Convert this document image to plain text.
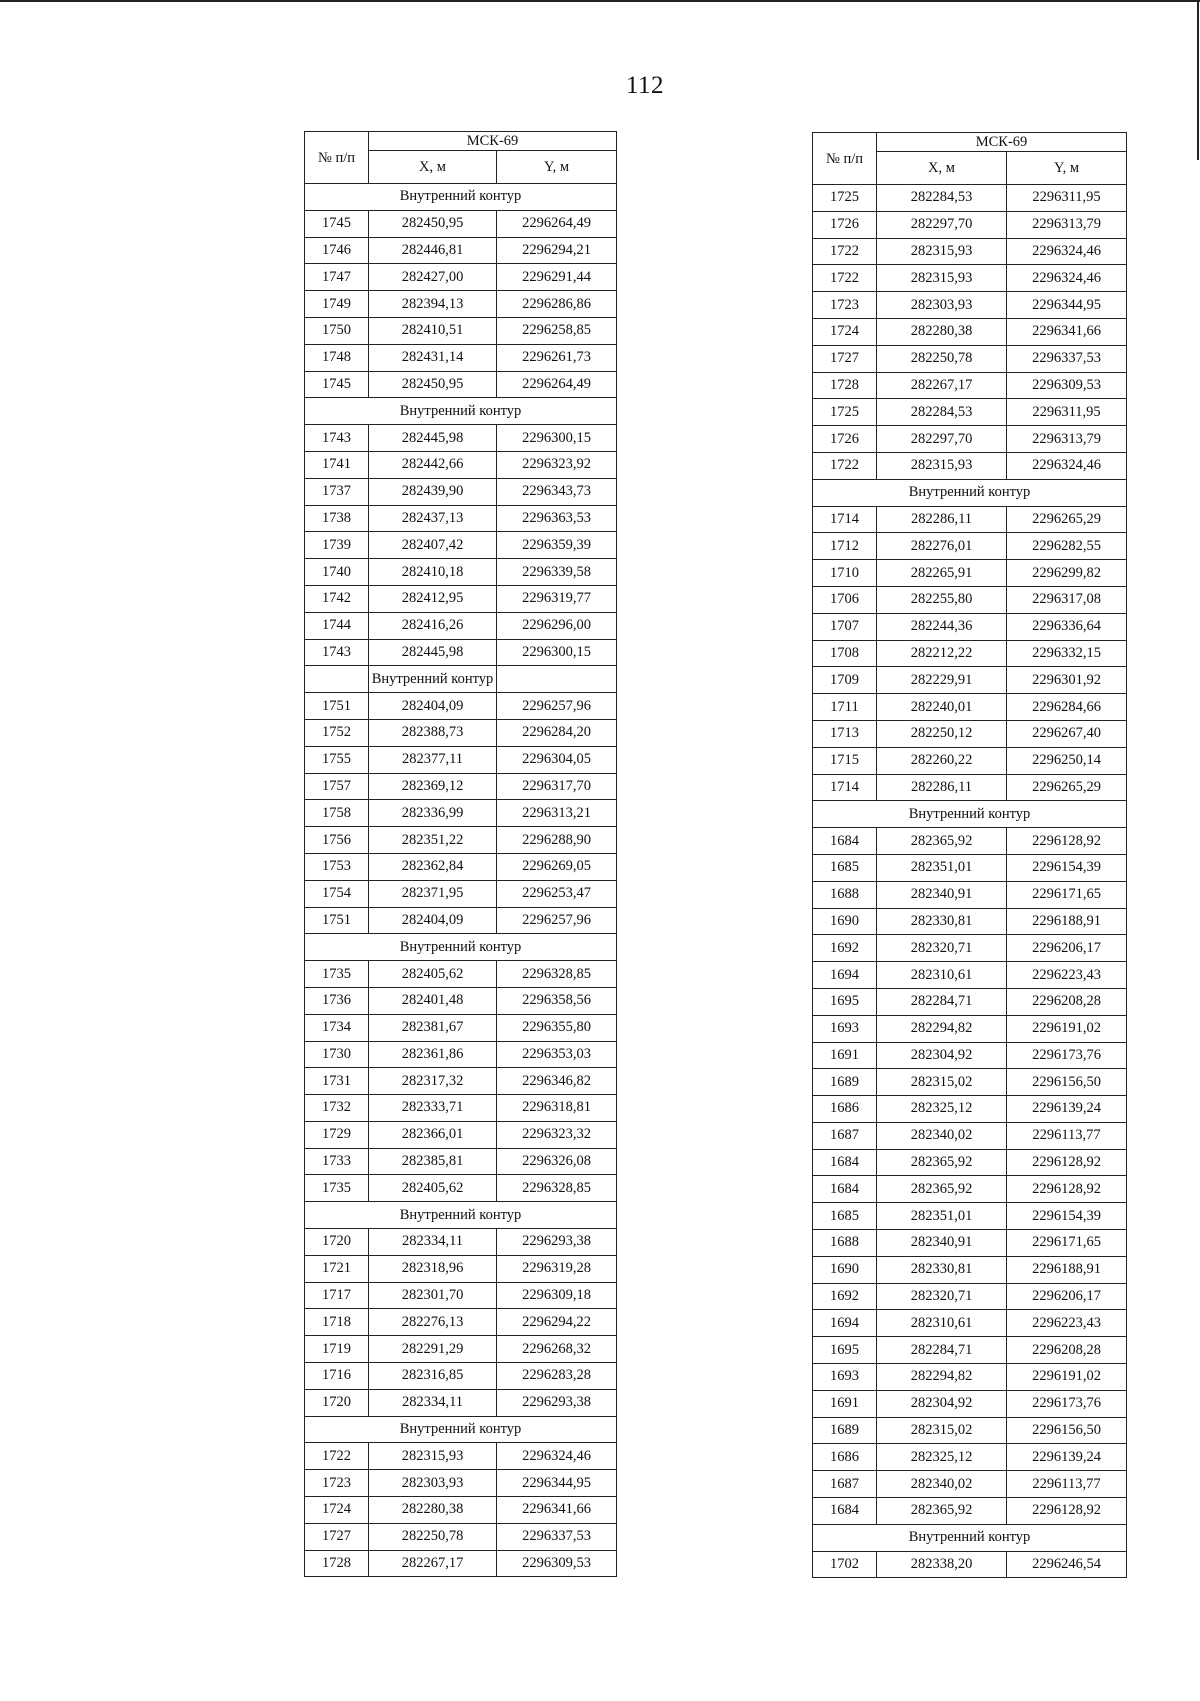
112
№ п/п	МСК-69	
	Х, м	Y, м
Внутренний контур		
1745	282450,95	2296264,49
1746	282446,81	2296294,21
1747	282427,00	2296291,44
1749	282394,13	2296286,86
1750	282410,51	2296258,85
1748	282431,14	2296261,73
1745	282450,95	2296264,49
Внутренний контур		
1743	282445,98	2296300,15
1741	282442,66	2296323,92
1737	282439,90	2296343,73
1738	282437,13	2296363,53
1739	282407,42	2296359,39
1740	282410,18	2296339,58
1742	282412,95	2296319,77
1744	282416,26	2296296,00
1743	282445,98	2296300,15
	Внутренний контур	
1751	282404,09	2296257,96
1752	282388,73	2296284,20
1755	282377,11	2296304,05
1757	282369,12	2296317,70
1758	282336,99	2296313,21
1756	282351,22	2296288,90
1753	282362,84	2296269,05
1754	282371,95	2296253,47
1751	282404,09	2296257,96
Внутренний контур		
1735	282405,62	2296328,85
1736	282401,48	2296358,56
1734	282381,67	2296355,80
1730	282361,86	2296353,03
1731	282317,32	2296346,82
1732	282333,71	2296318,81
1729	282366,01	2296323,32
1733	282385,81	2296326,08
1735	282405,62	2296328,85
Внутренний контур		
1720	282334,11	2296293,38
1721	282318,96	2296319,28
1717	282301,70	2296309,18
1718	282276,13	2296294,22
1719	282291,29	2296268,32
1716	282316,85	2296283,28
1720	282334,11	2296293,38
Внутренний контур		
1722	282315,93	2296324,46
1723	282303,93	2296344,95
1724	282280,38	2296341,66
1727	282250,78	2296337,53
1728	282267,17	2296309,53
№ п/п	МСК-69	
	Х, м	Y, м
1725	282284,53	2296311,95
1726	282297,70	2296313,79
1722	282315,93	2296324,46
1722	282315,93	2296324,46
1723	282303,93	2296344,95
1724	282280,38	2296341,66
1727	282250,78	2296337,53
1728	282267,17	2296309,53
1725	282284,53	2296311,95
1726	282297,70	2296313,79
1722	282315,93	2296324,46
Внутренний контур		
1714	282286,11	2296265,29
1712	282276,01	2296282,55
1710	282265,91	2296299,82
1706	282255,80	2296317,08
1707	282244,36	2296336,64
1708	282212,22	2296332,15
1709	282229,91	2296301,92
1711	282240,01	2296284,66
1713	282250,12	2296267,40
1715	282260,22	2296250,14
1714	282286,11	2296265,29
Внутренний контур		
1684	282365,92	2296128,92
1685	282351,01	2296154,39
1688	282340,91	2296171,65
1690	282330,81	2296188,91
1692	282320,71	2296206,17
1694	282310,61	2296223,43
1695	282284,71	2296208,28
1693	282294,82	2296191,02
1691	282304,92	2296173,76
1689	282315,02	2296156,50
1686	282325,12	2296139,24
1687	282340,02	2296113,77
1684	282365,92	2296128,92
1684	282365,92	2296128,92
1685	282351,01	2296154,39
1688	282340,91	2296171,65
1690	282330,81	2296188,91
1692	282320,71	2296206,17
1694	282310,61	2296223,43
1695	282284,71	2296208,28
1693	282294,82	2296191,02
1691	282304,92	2296173,76
1689	282315,02	2296156,50
1686	282325,12	2296139,24
1687	282340,02	2296113,77
1684	282365,92	2296128,92
Внутренний контур		
1702	282338,20	2296246,54
